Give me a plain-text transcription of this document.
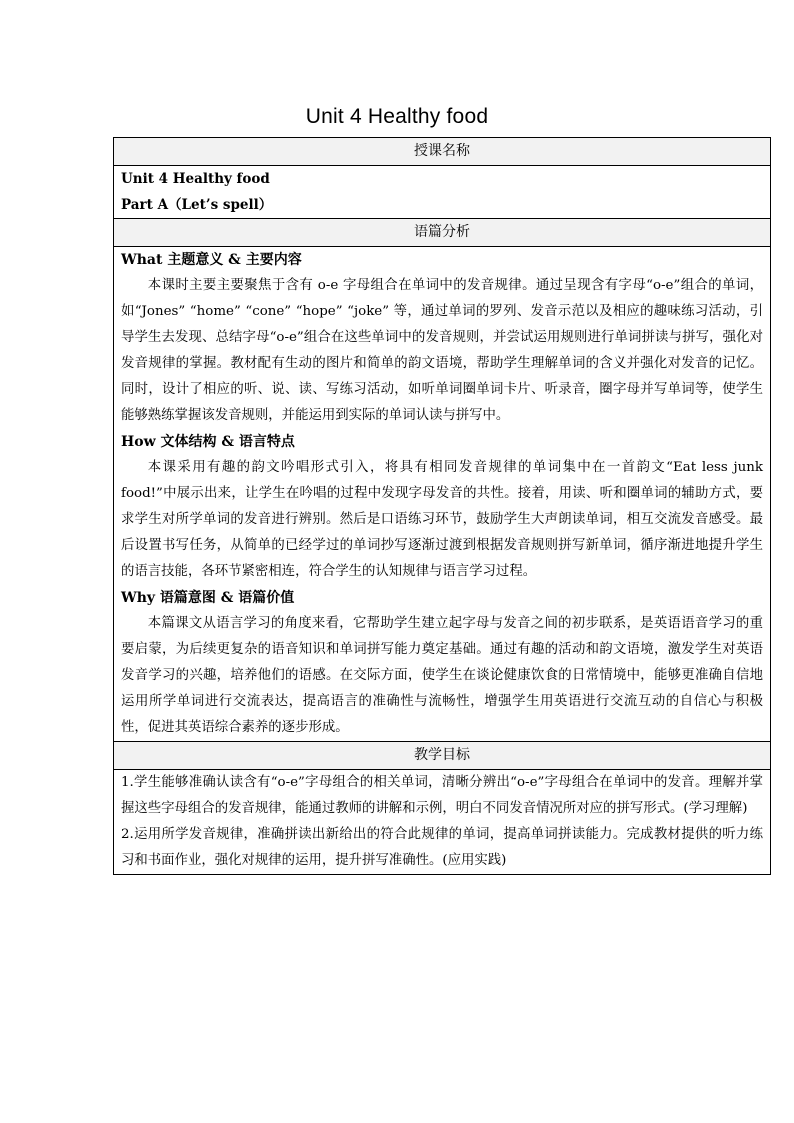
Unit 4 Healthy food
授课名称

Unit 4 Healthy food
Part A（Let’s spell）

语篇分析

What 主题意义 & 主要内容

本课时主要主要聚焦于含有 o-e 字母组合在单词中的发音规律。通过呈现含有字母“o-e”组合的单词，如“Jones” “home” “cone” “hope” “joke” 等，通过单词的罗列、发音示范以及相应的趣味练习活动，引导学生去发现、总结字母“o-e”组合在这些单词中的发音规则，并尝试运用规则进行单词拼读与拼写，强化对发音规律的掌握。教材配有生动的图片和简单的韵文语境，帮助学生理解单词的含义并强化对发音的记忆。同时，设计了相应的听、说、读、写练习活动，如听单词圈单词卡片、听录音，圈字母并写单词等，使学生能够熟练掌握该发音规则，并能运用到实际的单词认读与拼写中。

How 文体结构 & 语言特点

本课采用有趣的韵文吟唱形式引入，将具有相同发音规律的单词集中在一首韵文“Eat less junk food!”中展示出来，让学生在吟唱的过程中发现字母发音的共性。接着，用读、听和圈单词的辅助方式，要求学生对所学单词的发音进行辨别。然后是口语练习环节，鼓励学生大声朗读单词，相互交流发音感受。最后设置书写任务，从简单的已经学过的单词抄写逐渐过渡到根据发音规则拼写新单词，循序渐进地提升学生的语言技能，各环节紧密相连，符合学生的认知规律与语言学习过程。

Why 语篇意图 & 语篇价值

本篇课文从语言学习的角度来看，它帮助学生建立起字母与发音之间的初步联系，是英语语音学习的重要启蒙，为后续更复杂的语音知识和单词拼写能力奠定基础。通过有趣的活动和韵文语境，激发学生对英语发音学习的兴趣，培养他们的语感。在交际方面，使学生在谈论健康饮食的日常情境中，能够更准确自信地运用所学单词进行交流表达，提高语言的准确性与流畅性，增强学生用英语进行交流互动的自信心与积极性，促进其英语综合素养的逐步形成。

教学目标

1.学生能够准确认读含有“o-e”字母组合的相关单词，清晰分辨出“o-e”字母组合在单词中的发音。理解并掌握这些字母组合的发音规律，能通过教师的讲解和示例，明白不同发音情况所对应的拼写形式。(学习理解)

2.运用所学发音规律，准确拼读出新给出的符合此规律的单词，提高单词拼读能力。完成教材提供的听力练习和书面作业，强化对规律的运用，提升拼写准确性。(应用实践)
